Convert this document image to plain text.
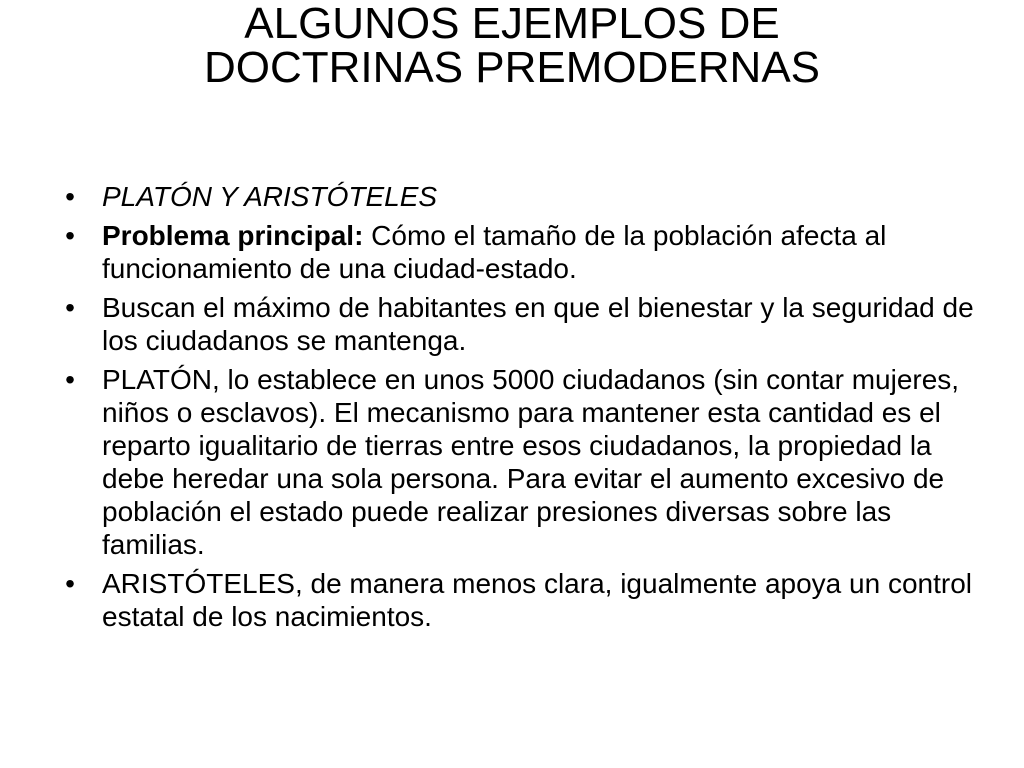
ALGUNOS EJEMPLOS DE
DOCTRINAS PREMODERNAS
• PLATÓN Y ARISTÓTELES
• Problema principal: Cómo el tamaño de la población afecta al funcionamiento de una ciudad-estado.
• Buscan el máximo de habitantes en que el bienestar y la seguridad de los ciudadanos se mantenga.
• PLATÓN, lo establece en unos 5000 ciudadanos (sin contar mujeres, niños o esclavos). El mecanismo para mantener esta cantidad es el reparto igualitario de tierras entre esos ciudadanos, la propiedad la debe heredar una sola persona. Para evitar el aumento excesivo de población el estado puede realizar presiones diversas sobre las familias.
• ARISTÓTELES, de manera menos clara, igualmente apoya un control estatal de los nacimientos.
